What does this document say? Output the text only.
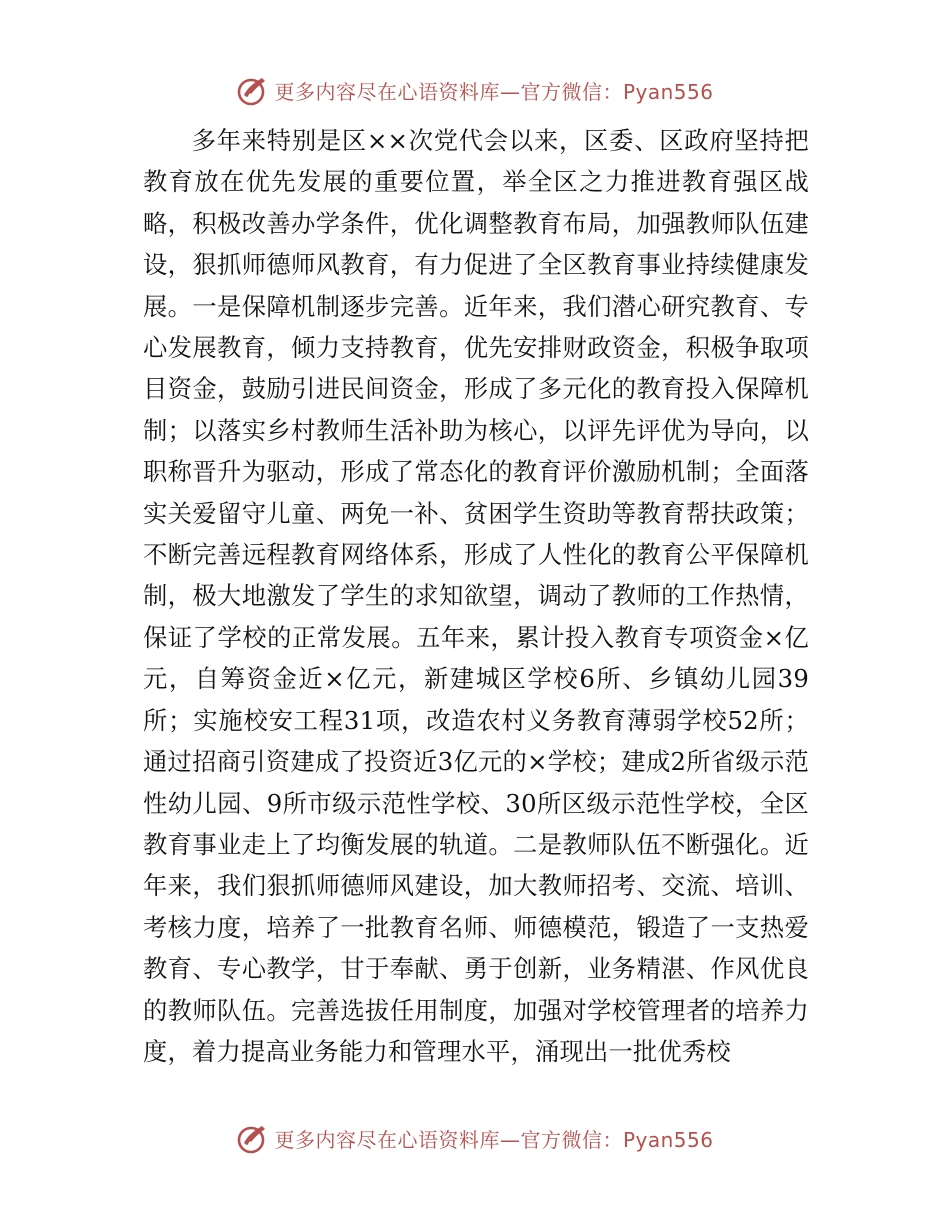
更多内容尽在心语资料库—官方微信：Pyan556

多年来特别是区××次党代会以来，区委、区政府坚持把教育放在优先发展的重要位置，举全区之力推进教育强区战略，积极改善办学条件，优化调整教育布局，加强教师队伍建设，狠抓师德师风教育，有力促进了全区教育事业持续健康发展。一是保障机制逐步完善。近年来，我们潜心研究教育、专心发展教育，倾力支持教育，优先安排财政资金，积极争取项目资金，鼓励引进民间资金，形成了多元化的教育投入保障机制；以落实乡村教师生活补助为核心，以评先评优为导向，以职称晋升为驱动，形成了常态化的教育评价激励机制；全面落实关爱留守儿童、两免一补、贫困学生资助等教育帮扶政策；不断完善远程教育网络体系，形成了人性化的教育公平保障机制，极大地激发了学生的求知欲望，调动了教师的工作热情，保证了学校的正常发展。五年来，累计投入教育专项资金×亿元，自筹资金近×亿元，新建城区学校6所、乡镇幼儿园39所；实施校安工程31项，改造农村义务教育薄弱学校52所；通过招商引资建成了投资近3亿元的×学校；建成2所省级示范性幼儿园、9所市级示范性学校、30所区级示范性学校，全区教育事业走上了均衡发展的轨道。二是教师队伍不断强化。近年来，我们狠抓师德师风建设，加大教师招考、交流、培训、考核力度，培养了一批教育名师、师德模范，锻造了一支热爱教育、专心教学，甘于奉献、勇于创新，业务精湛、作风优良的教师队伍。完善选拔任用制度，加强对学校管理者的培养力度，着力提高业务能力和管理水平，涌现出一批优秀校

更多内容尽在心语资料库—官方微信：Pyan556
